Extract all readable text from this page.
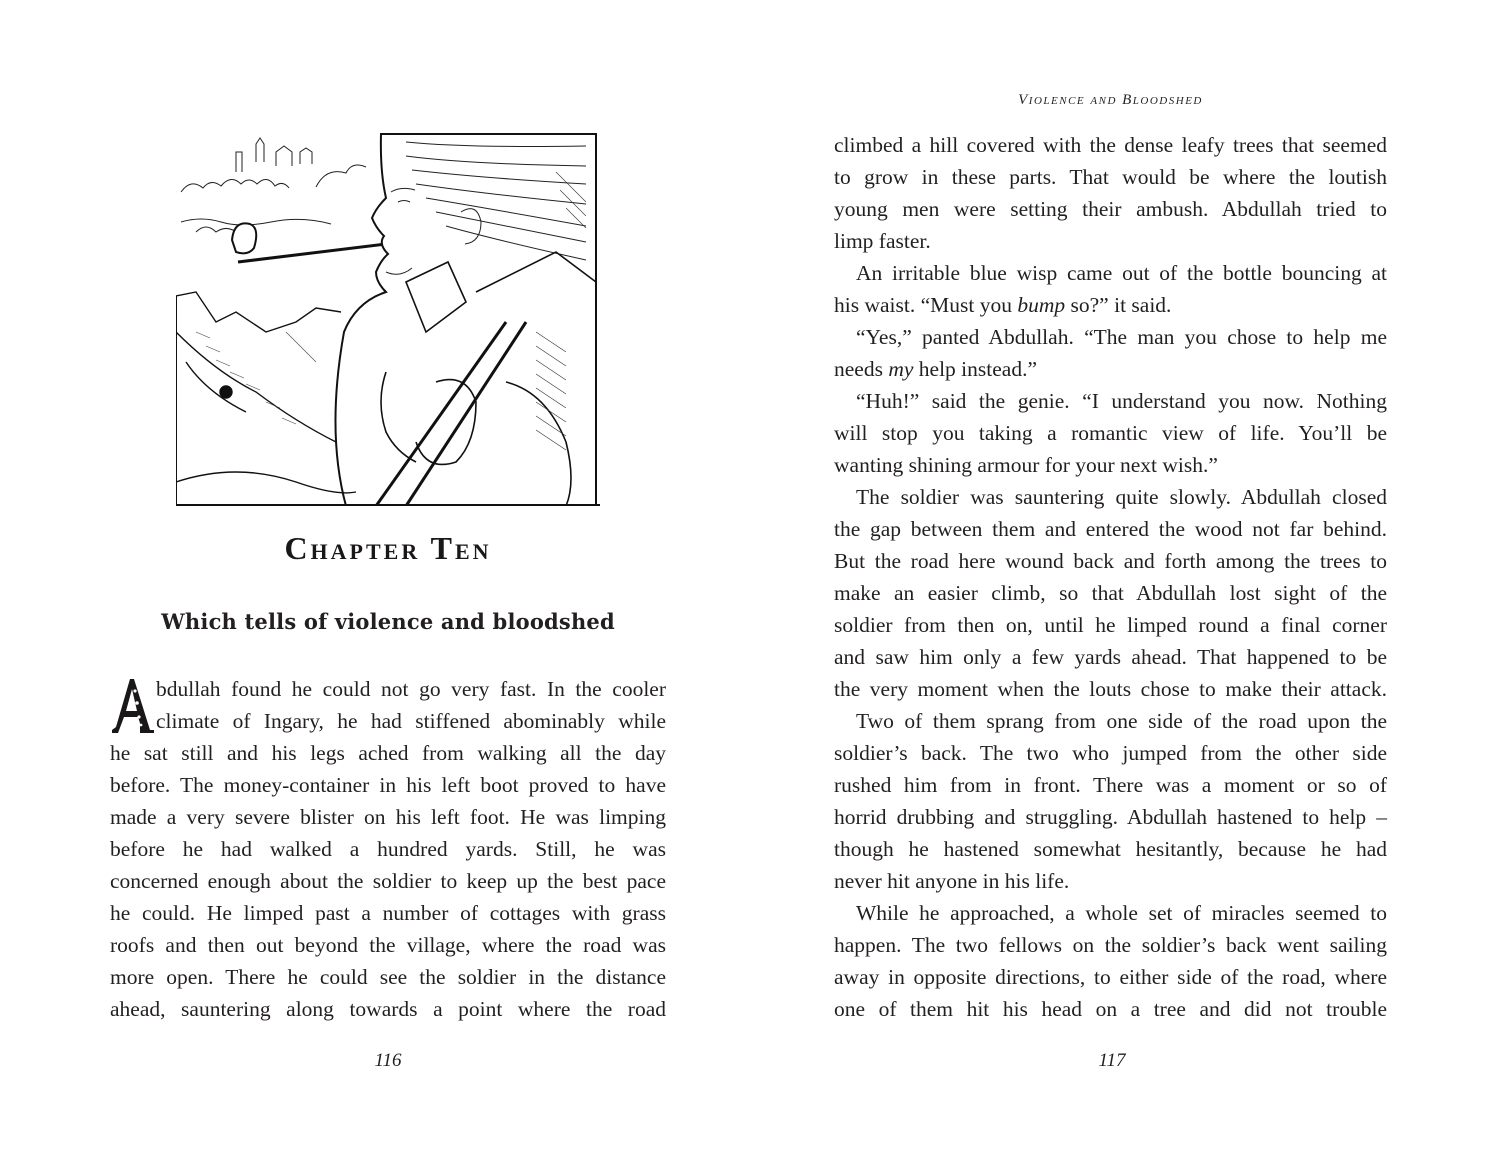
Chapter Ten
Which tells of violence and bloodshed
bdullah found he could not go very fast. In the cooler
climate of Ingary, he had stiffened abominably while
he sat still and his legs ached from walking all the day
before. The money-container in his left boot proved to have
made a very severe blister on his left foot. He was limping
before he had walked a hundred yards. Still, he was
concerned enough about the soldier to keep up the best pace
he could. He limped past a number of cottages with grass
roofs and then out beyond the village, where the road was
more open. There he could see the soldier in the distance
ahead, sauntering along towards a point where the road
116
Violence and Bloodshed
climbed a hill covered with the dense leafy trees that seemed
to grow in these parts. That would be where the loutish
young men were setting their ambush. Abdullah tried to
limp faster.
An irritable blue wisp came out of the bottle bouncing at
his waist. “Must you bump so?” it said.
“Yes,” panted Abdullah. “The man you chose to help me
needs my help instead.”
“Huh!” said the genie. “I understand you now. Nothing
will stop you taking a romantic view of life. You’ll be
wanting shining armour for your next wish.”
The soldier was sauntering quite slowly. Abdullah closed
the gap between them and entered the wood not far behind.
But the road here wound back and forth among the trees to
make an easier climb, so that Abdullah lost sight of the
soldier from then on, until he limped round a final corner
and saw him only a few yards ahead. That happened to be
the very moment when the louts chose to make their attack.
Two of them sprang from one side of the road upon the
soldier’s back. The two who jumped from the other side
rushed him from in front. There was a moment or so of
horrid drubbing and struggling. Abdullah hastened to help –
though he hastened somewhat hesitantly, because he had
never hit anyone in his life.
While he approached, a whole set of miracles seemed to
happen. The two fellows on the soldier’s back went sailing
away in opposite directions, to either side of the road, where
one of them hit his head on a tree and did not trouble
117
